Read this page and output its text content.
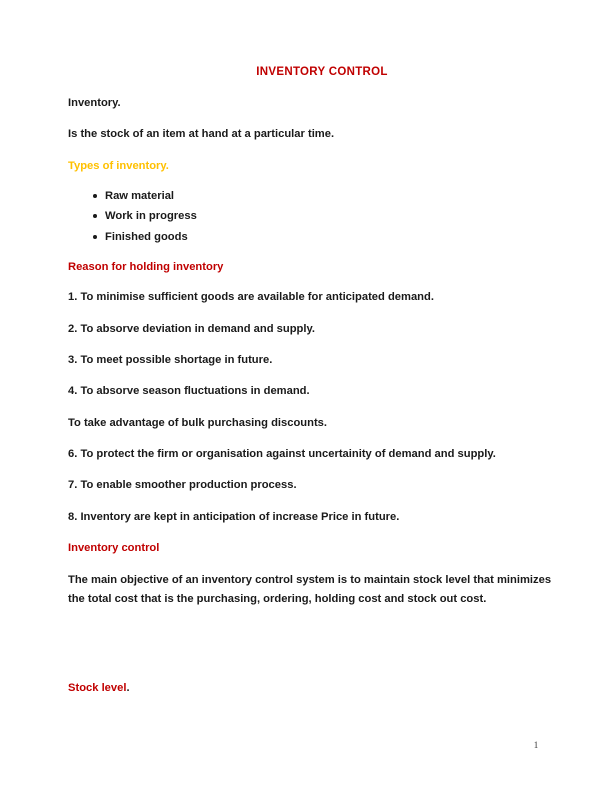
INVENTORY CONTROL

Inventory.

Is the stock of an item at hand at a particular time.

Types of inventory.

Raw material
Work in progress
Finished goods

Reason for holding inventory

1. To minimise sufficient goods are available for anticipated demand.

2. To absorve deviation in demand and supply.

3. To meet possible shortage in future.

4. To absorve season fluctuations in demand.

To take advantage of bulk purchasing discounts.

6. To protect the firm or organisation against uncertainity of demand and supply.

7. To enable smoother production process.

8. Inventory are kept in anticipation of increase Price in future.

Inventory control

The main objective of an inventory control system is to maintain stock level that minimizes the total cost that is the purchasing, ordering, holding cost and stock out cost.

Stock level.

1
